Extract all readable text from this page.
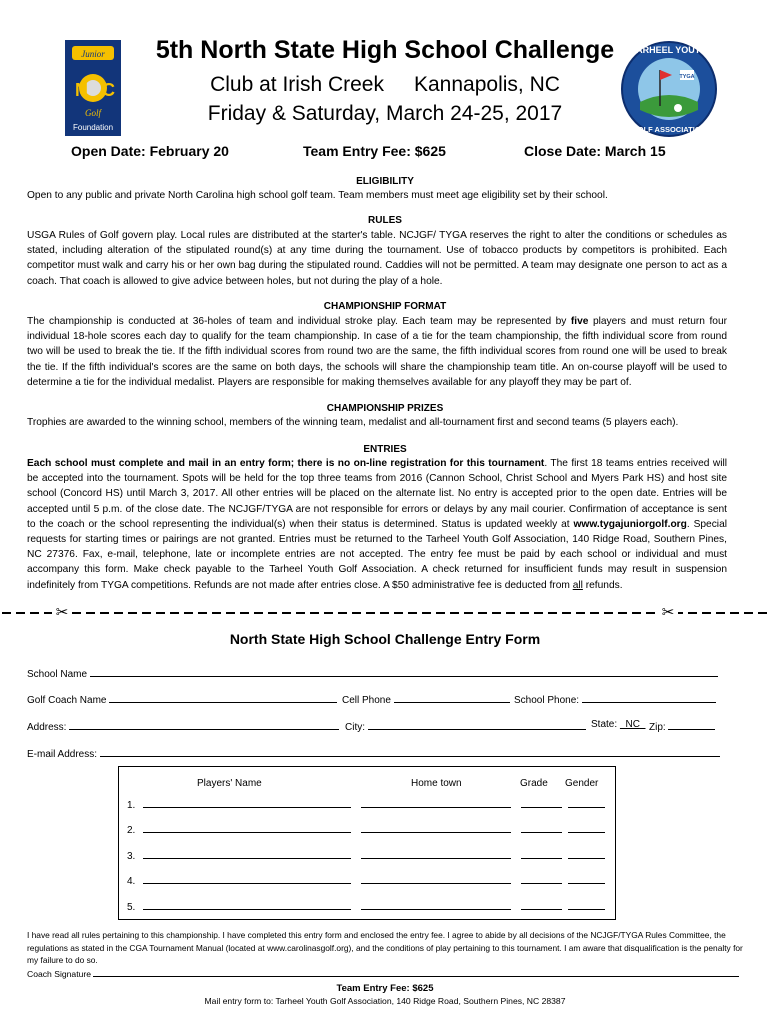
Junior
N C
Golf
Foundation
TYGA
TARHEEL YOUTH
GOLF ASSOCIATION
5th North State High School Challenge
Club at Irish Creek Kannapolis, NC
Friday & Saturday, March 24-25, 2017
Open Date: February 20	Team Entry Fee: $625	Close Date: March 15
ELIGIBILITY
Open to any public and private North Carolina high school golf team. Team members must meet age eligibility set by their school.
RULES
USGA Rules of Golf govern play. Local rules are distributed at the starter's table. NCJGF/ TYGA reserves the right to alter the conditions or schedules as stated, including alteration of the stipulated round(s) at any time during the tournament. Use of tobacco products by competitors is prohibited. Each competitor must walk and carry his or her own bag during the stipulated round. Caddies will not be permitted. A team may designate one person to act as a coach. That coach is allowed to give advice between holes, but not during the play of a hole.
CHAMPIONSHIP FORMAT
The championship is conducted at 36-holes of team and individual stroke play. Each team may be represented by five players and must return four individual 18-hole scores each day to qualify for the team championship. In case of a tie for the team championship, the fifth individual score from round two will be used to break the tie. If the fifth individual scores from round two are the same, the fifth individual scores from round one will be used to break the tie. If the fifth individual's scores are the same on both days, the schools will share the championship team title. An on-course playoff will be used to determine a tie for the individual medalist. Players are responsible for making themselves available for any playoff they may be part of.
CHAMPIONSHIP PRIZES
Trophies are awarded to the winning school, members of the winning team, medalist and all-tournament first and second teams (5 players each).
ENTRIES
Each school must complete and mail in an entry form; there is no on-line registration for this tournament. The first 18 teams entries received will be accepted into the tournament. Spots will be held for the top three teams from 2016 (Cannon School, Christ School and Myers Park HS) and host site school (Concord HS) until March 3, 2017. All other entries will be placed on the alternate list. No entry is accepted prior to the open date. Entries will be accepted until 5 p.m. of the close date. The NCJGF/TYGA are not responsible for errors or delays by any mail courier. Confirmation of acceptance is sent to the coach or the school representing the individual(s) when their status is determined. Status is updated weekly at www.tygajuniorgolf.org. Special requests for starting times or pairings are not granted. Entries must be returned to the Tarheel Youth Golf Association, 140 Ridge Road, Southern Pines, NC 27376. Fax, e-mail, telephone, late or incomplete entries are not accepted. The entry fee must be paid by each school or individual and must accompany this form. Make check payable to the Tarheel Youth Golf Association. A check returned for insufficient funds may result in suspension indefinitely from TYGA competitions. Refunds are not made after entries close. A $50 administrative fee is deducted from all refunds.
✂	✂
North State High School Challenge Entry Form
School Name
Golf Coach Name	Cell Phone	School Phone:
Address:	City:	State: NC Zip:
E-mail Address:
Players' Name	Home town	Grade Gender
1.
2.
3.
4.
5.
I have read all rules pertaining to this championship. I have completed this entry form and enclosed the entry fee. I agree to abide by all decisions of the NCJGF/TYGA Rules Committee, the regulations as stated in the CGA Tournament Manual (located at www.carolinasgolf.org), and the conditions of play pertaining to this tournament. I am aware that disqualification is the penalty for my failure to do so.
Coach Signature
Team Entry Fee: $625
Mail entry form to: Tarheel Youth Golf Association, 140 Ridge Road, Southern Pines, NC 28387
